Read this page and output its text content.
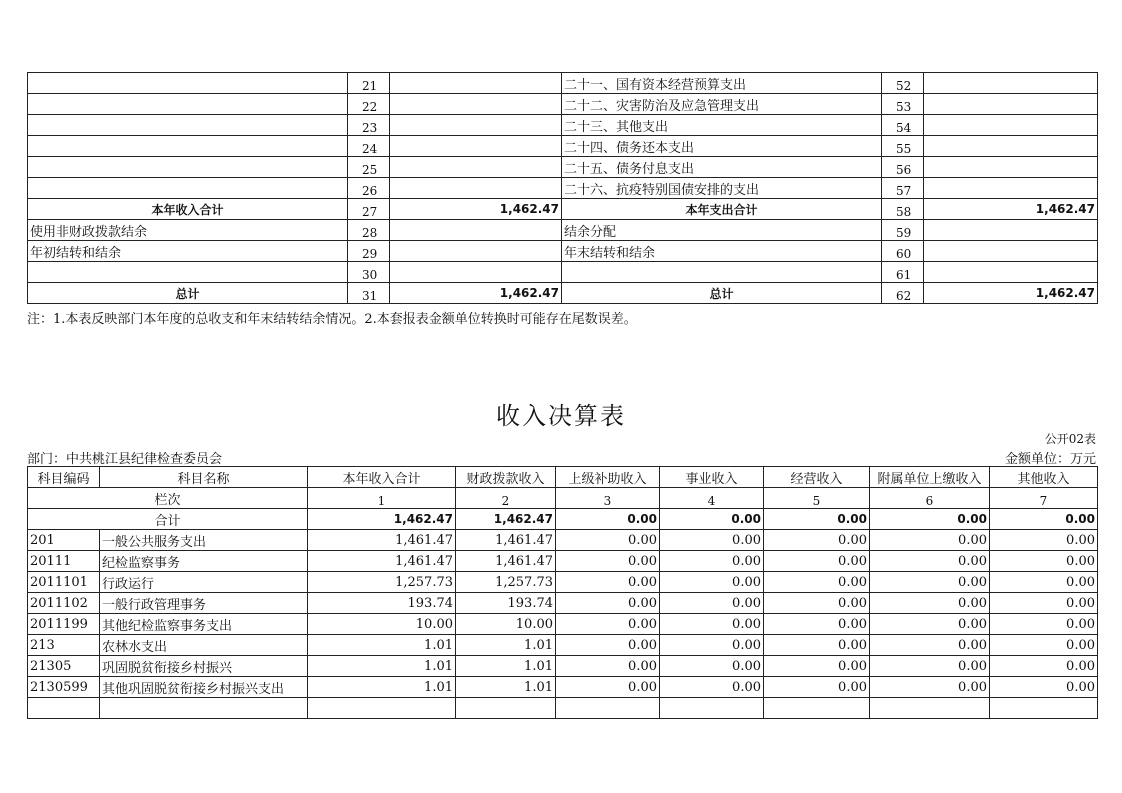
	21		二十一、国有资本经营预算支出	52	
	22		二十二、灾害防治及应急管理支出	53	
	23		二十三、其他支出	54	
	24		二十四、债务还本支出	55	
	25		二十五、债务付息支出	56	
	26		二十六、抗疫特别国债安排的支出	57	
本年收入合计	27	1,462.47	本年支出合计	58	1,462.47
使用非财政拨款结余	28		结余分配	59	
年初结转和结余	29		年末结转和结余	60	
	30			61	
总计	31	1,462.47	总计	62	1,462.47
注：1.本表反映部门本年度的总收支和年末结转结余情况。2.本套报表金额单位转换时可能存在尾数误差。
收入决算表
公开02表
部门：中共桃江县纪律检查委员会	金额单位：万元
科目编码	科目名称	本年收入合计	财政拨款收入	上级补助收入	事业收入	经营收入	附属单位上缴收入	其他收入
栏次		1	2	3	4	5	6	7
合计		1,462.47	1,462.47	0.00	0.00	0.00	0.00	0.00
201	一般公共服务支出	1,461.47	1,461.47	0.00	0.00	0.00	0.00	0.00
20111	纪检监察事务	1,461.47	1,461.47	0.00	0.00	0.00	0.00	0.00
2011101	行政运行	1,257.73	1,257.73	0.00	0.00	0.00	0.00	0.00
2011102	一般行政管理事务	193.74	193.74	0.00	0.00	0.00	0.00	0.00
2011199	其他纪检监察事务支出	10.00	10.00	0.00	0.00	0.00	0.00	0.00
213	农林水支出	1.01	1.01	0.00	0.00	0.00	0.00	0.00
21305	巩固脱贫衔接乡村振兴	1.01	1.01	0.00	0.00	0.00	0.00	0.00
2130599	其他巩固脱贫衔接乡村振兴支出	1.01	1.01	0.00	0.00	0.00	0.00	0.00
